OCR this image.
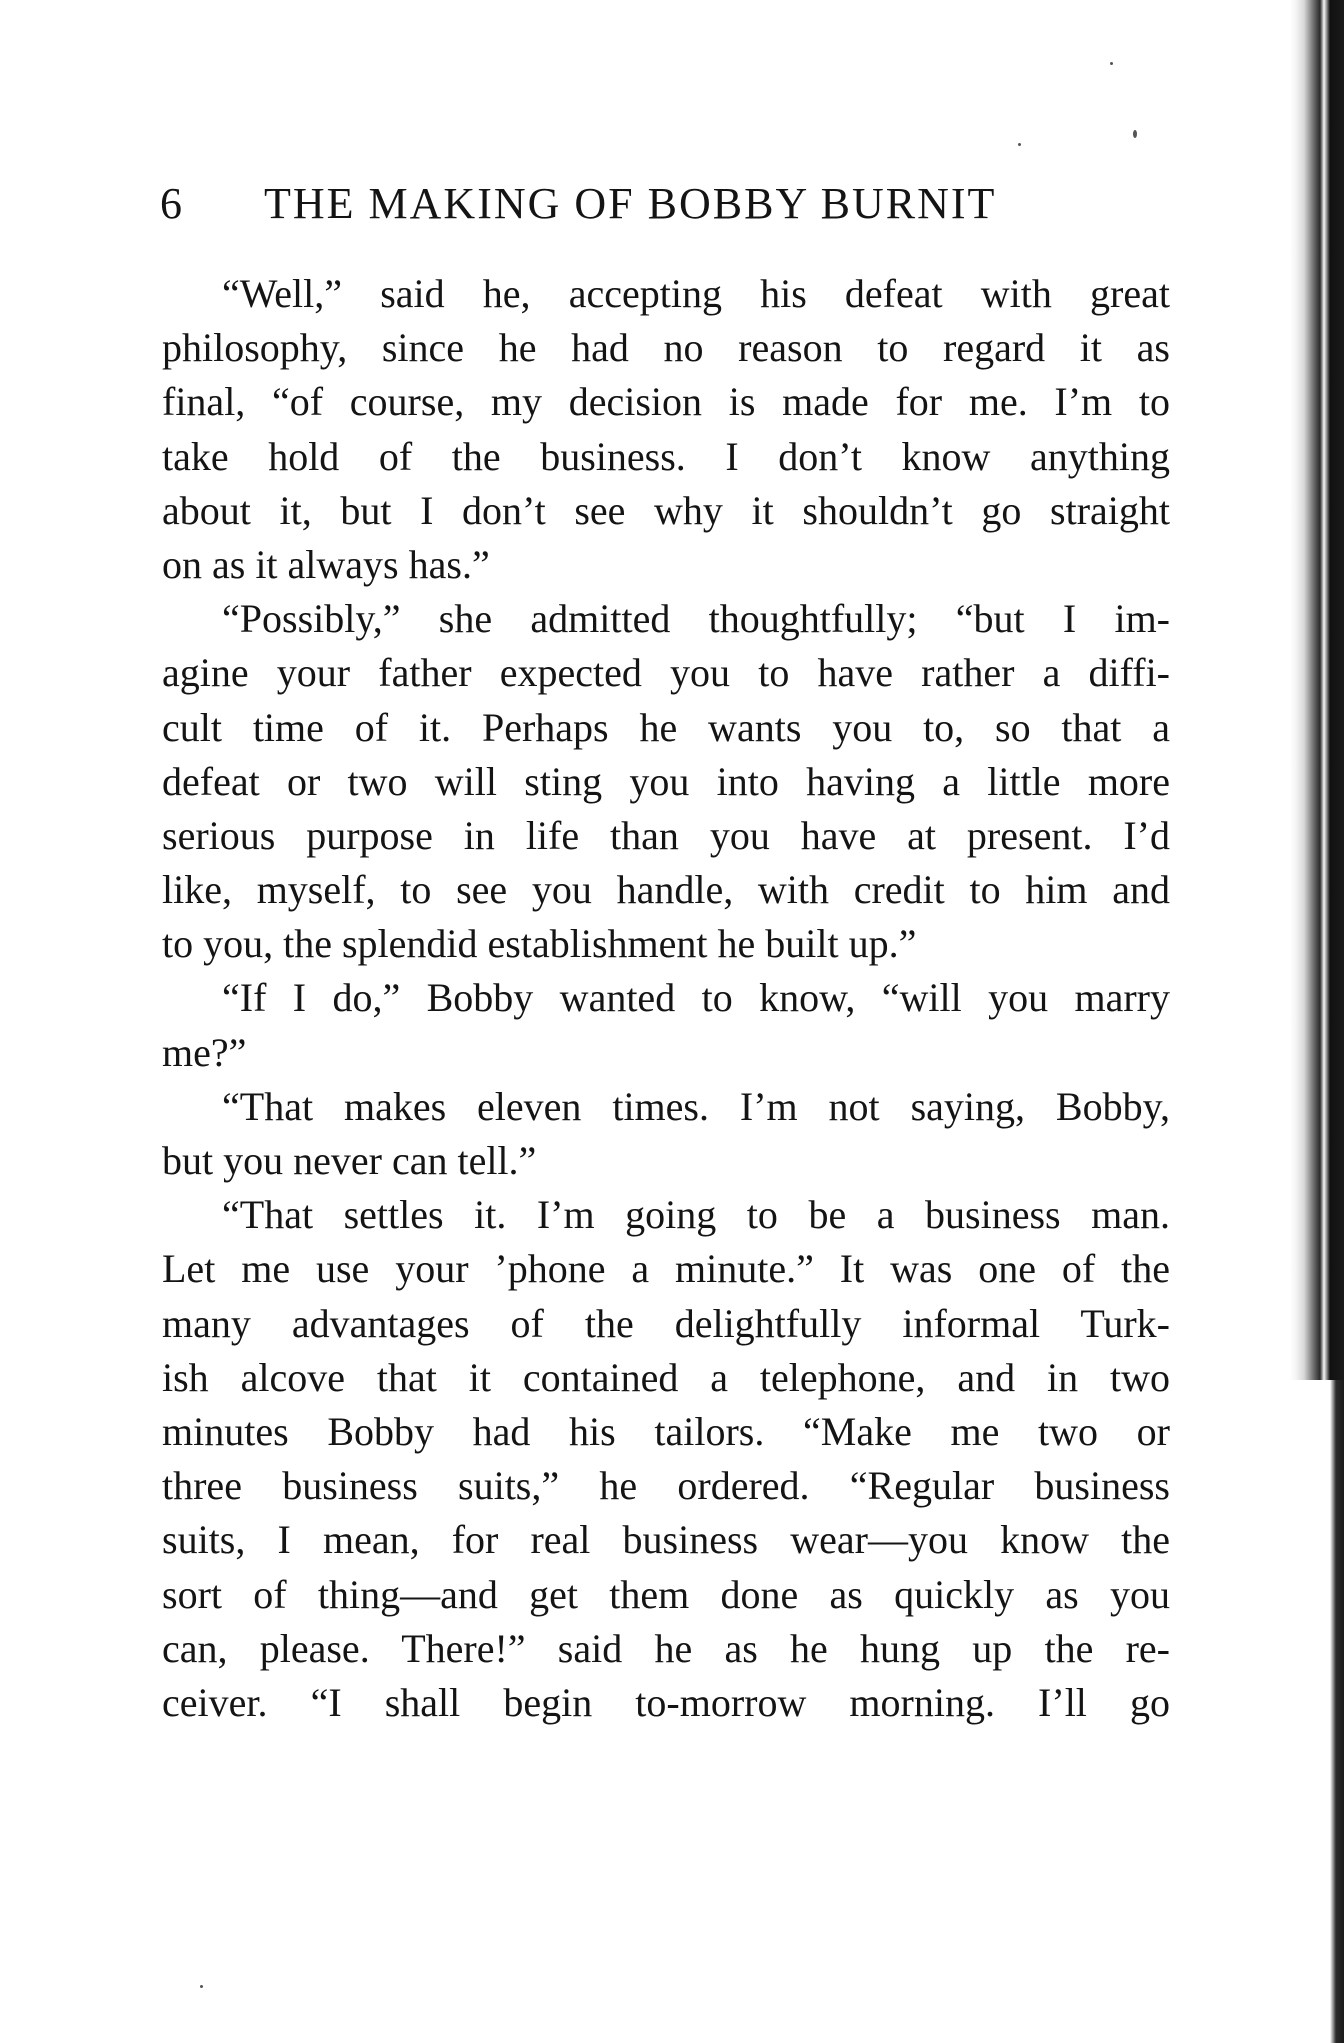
6 THE MAKING OF BOBBY BURNIT
“Well,” said he, accepting his defeat with great
philosophy, since he had no reason to regard it as
final, “of course, my decision is made for me. I’m to
take hold of the business. I don’t know anything
about it, but I don’t see why it shouldn’t go straight
on as it always has.”
“Possibly,” she admitted thoughtfully; “but I im-
agine your father expected you to have rather a diffi-
cult time of it. Perhaps he wants you to, so that a
defeat or two will sting you into having a little more
serious purpose in life than you have at present. I’d
like, myself, to see you handle, with credit to him and
to you, the splendid establishment he built up.”
“If I do,” Bobby wanted to know, “will you marry
me?”
“That makes eleven times. I’m not saying, Bobby,
but you never can tell.”
“That settles it. I’m going to be a business man.
Let me use your ’phone a minute.” It was one of the
many advantages of the delightfully informal Turk-
ish alcove that it contained a telephone, and in two
minutes Bobby had his tailors. “Make me two or
three business suits,” he ordered. “Regular business
suits, I mean, for real business wear—you know the
sort of thing—and get them done as quickly as you
can, please. There!” said he as he hung up the re-
ceiver. “I shall begin to-morrow morning. I’ll go
